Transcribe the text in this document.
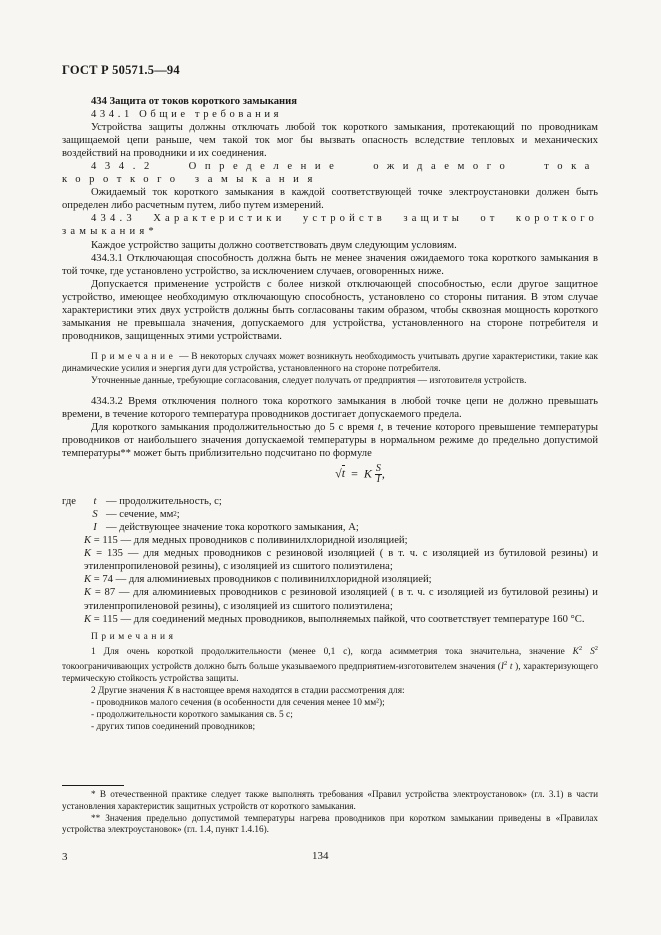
ГОСТ Р 50571.5—94

434 Защита от токов короткого замыкания

434.1 Общие требования

Устройства защиты должны отключать любой ток короткого замыкания, протекающий по проводникам защищаемой цепи раньше, чем такой ток мог бы вызвать опасность вследствие тепловых и механических воздействий на проводники и их соединения.

434.2 Определение ожидаемого тока короткого замыкания

Ожидаемый ток короткого замыкания в каждой соответствующей точке электроустановки должен быть определен либо расчетным путем, либо путем измерений.

434.3 Характеристики устройств защиты от короткого замыкания*

Каждое устройство защиты должно соответствовать двум следующим условиям.

434.3.1 Отключающая способность должна быть не менее значения ожидаемого тока короткого замыкания в той точке, где установлено устройство, за исключением случаев, оговоренных ниже.

Допускается применение устройств с более низкой отключающей способностью, если другое защитное устройство, имеющее необходимую отключающую способность, установлено со стороны питания. В этом случае характеристики этих двух устройств должны быть согласованы таким образом, чтобы сквозная мощность короткого замыкания не превышала значения, допускаемого для устройства, установленного на стороне потребителя и проводников, защищенных этими устройствами.

Примечание — В некоторых случаях может возникнуть необходимость учитывать другие характеристики, такие как динамические усилия и энергия дуги для устройства, установленного на стороне потребителя.

Уточненные данные, требующие согласования, следует получать от предприятия — изготовителя устройств.

434.3.2 Время отключения полного тока короткого замыкания в любой точке цепи не должно превышать времени, в течение которого температура проводников достигает допускаемого предела.

Для короткого замыкания продолжительностью до 5 с время t, в течение которого превышение температуры проводников от наибольшего значения допускаемой температуры в нормальном режиме до предельно допустимой температуры** может быть приблизительно подсчитано по формуле

√t = K $\frac{S}{I}$ ,
где	t — продолжительность, с;
S — сечение, мм 2 ;
I — действующее значение тока короткого замыкания, А;

K = 115 — для медных проводников с поливинилхлоридной изоляцией;

K = 135 — для медных проводников с резиновой изоляцией ( в т. ч. с изоляцией из бутиловой резины) и этиленпропиленовой резины), с изоляцией из сшитого полиэтилена;

K = 74 — для алюминиевых проводников с поливинилхлоридной изоляцией;

K = 87 — для алюминиевых проводников с резиновой изоляцией ( в т. ч. с изоляцией из бутиловой резины) и этиленпропиленовой резины), с изоляцией из сшитого полиэтилена;

K = 115 — для соединений медных проводников, выполняемых пайкой, что соответствует температуре 160 °С.

Примечания

1 Для очень короткой продолжительности (менее 0,1 с), когда асимметрия тока значительна, значение $K^2$ $S^2$ токоограничивающих устройств должно быть больше указываемого предприятием-изготовителем значения ($I^2$ t ), характеризующего термическую стойкость устройства защиты.

2 Другие значения K в настоящее время находятся в стадии рассмотрения для:

- проводников малого сечения (в особенности для сечения менее 10 мм²);

- продолжительности короткого замыкания св. 5 с;

- других типов соединений проводников;

* В отечественной практике следует также выполнять требования «Правил устройства электроустановок» (гл. 3.1) в части установления характеристик защитных устройств от короткого замыкания.

** Значения предельно допустимой температуры нагрева проводников при коротком замыкании приведены в «Правилах устройства электроустановок» (гл. 1.4, пункт 1.4.16).

3	134
